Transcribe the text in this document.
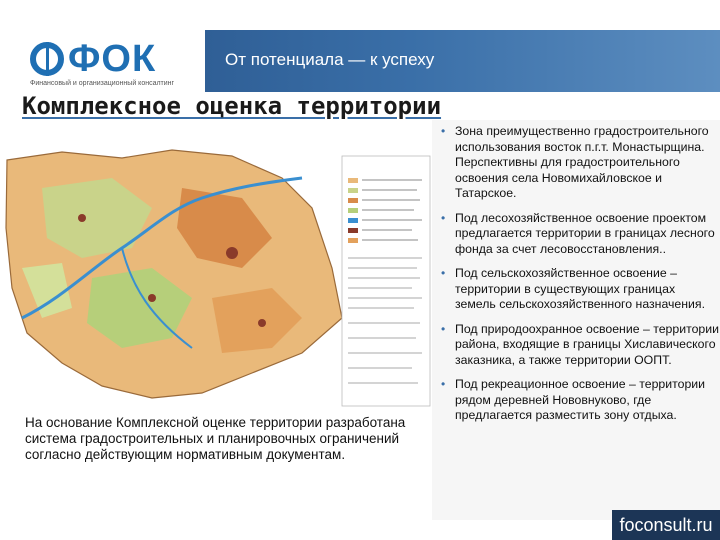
ФОК
Финансовый и организационный консалтинг
От потенциала — к успеху
Комплексное оценка территории
На основание Комплексной оценке территории разработана система градостроительных и планировочных ограничений согласно действующим нормативным документам.
• Зона преимущественно градостроительного использования восток п.г.т. Монастырщина. Перспективны для градостроительного освоения села Новомихайловское и Татарское.
• Под лесохозяйственное освоение проектом предлагается территории в границах лесного фонда за счет лесовосстановления..
• Под сельскохозяйственное освоение – территории в существующих границах земель сельскохозяйственного назначения.
• Под природоохранное освоение – территории района, входящие в границы Хиславического заказника, а также территории ООПТ.
• Под рекреационное освоение – территории рядом деревней Нововнуково, где предлагается разместить зону отдыха.
foconsult.ru
